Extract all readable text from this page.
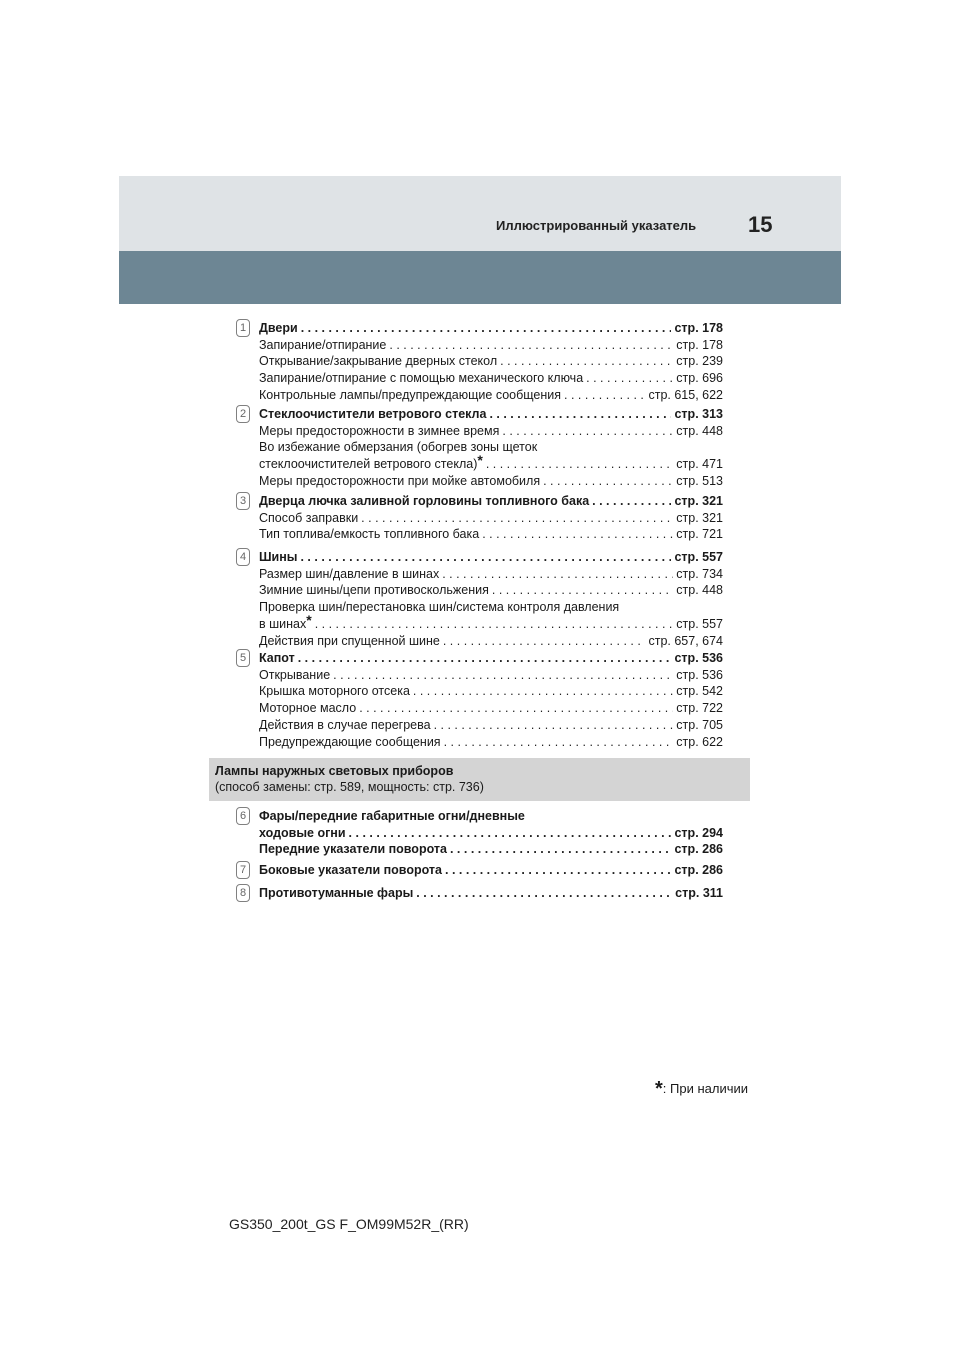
Иллюстрированный указатель 15
Лампы наружных световых приборов
(способ замены: стр. 589, мощность: стр. 736)
1	Двери . . .	стр. 178
Запирание/отпирание . . .	стр. 178
Открывание/закрывание дверных стекол . . .	стр. 239
Запирание/отпирание с помощью механического ключа . . .	стр. 696
Контрольные лампы/предупреждающие сообщения . . .	стр. 615, 622
2	Стеклоочистители ветрового стекла . . .	стр. 313
Меры предосторожности в зимнее время . . .	стр. 448
Во избежание обмерзания (обогрев зоны щеток
стеклоочистителей ветрового стекла)* . . .	стр. 471
Меры предосторожности при мойке автомобиля . . .	стр. 513
3	Дверца лючка заливной горловины топливного бака . . .	стр. 321
Способ заправки . . .	стр. 321
Тип топлива/емкость топливного бака . . .	стр. 721
4	Шины . . .	стр. 557
Размер шин/давление в шинах . . .	стр. 734
Зимние шины/цепи противоскольжения . . .	стр. 448
Проверка шин/перестановка шин/система контроля давления
в шинах* . . .	стр. 557
Действия при спущенной шине . . .	стр. 657, 674
5	Капот . . .	стр. 536
Открывание . . .	стр. 536
Крышка моторного отсека . . .	стр. 542
Моторное масло . . .	стр. 722
Действия в случае перегрева . . .	стр. 705
Предупреждающие сообщения . . .	стр. 622
6	Фары/передние габаритные огни/дневные
ходовые огни . . .	стр. 294
Передние указатели поворота . . .	стр. 286
7	Боковые указатели поворота . . .	стр. 286
8	Противотуманные фары . . .	стр. 311
*: При наличии
GS350_200t_GS F_OM99M52R_(RR)
